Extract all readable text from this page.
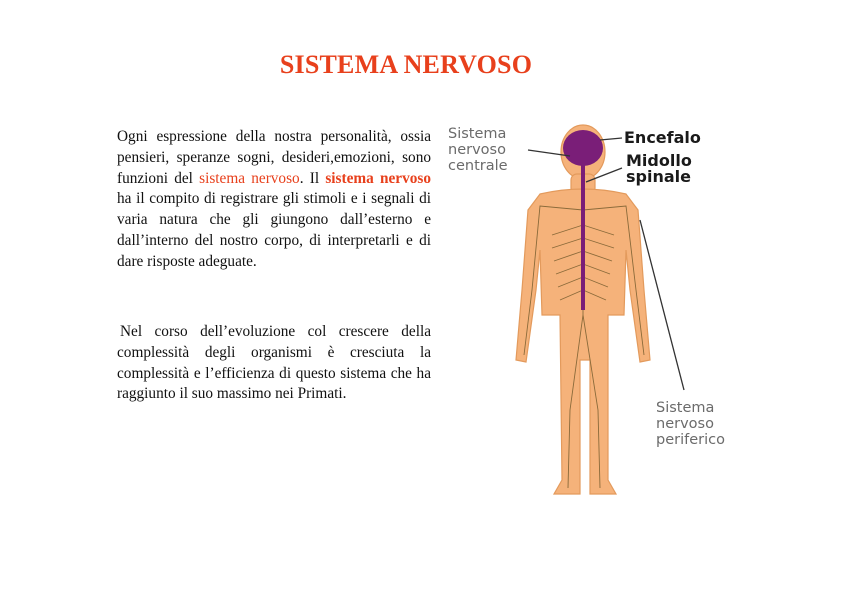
SISTEMA NERVOSO

Ogni espressione della nostra personalità, ossia pensieri, speranze sogni, desideri,emozioni, sono funzioni del sistema nervoso. Il sistema nervoso ha il compito di registrare gli stimoli e i segnali di varia natura che gli giungono dall’esterno e dall’interno del nostro corpo, di interpretarli e di dare risposte adeguate.

Nel corso dell’evoluzione col crescere della complessità degli organismi è cresciuta la complessità e l’efficienza di questo sistema che ha raggiunto il suo massimo nei Primati.

Sistema
nervoso
centrale
Encefalo
Midollo
spinale
Sistema
nervoso
periferico
